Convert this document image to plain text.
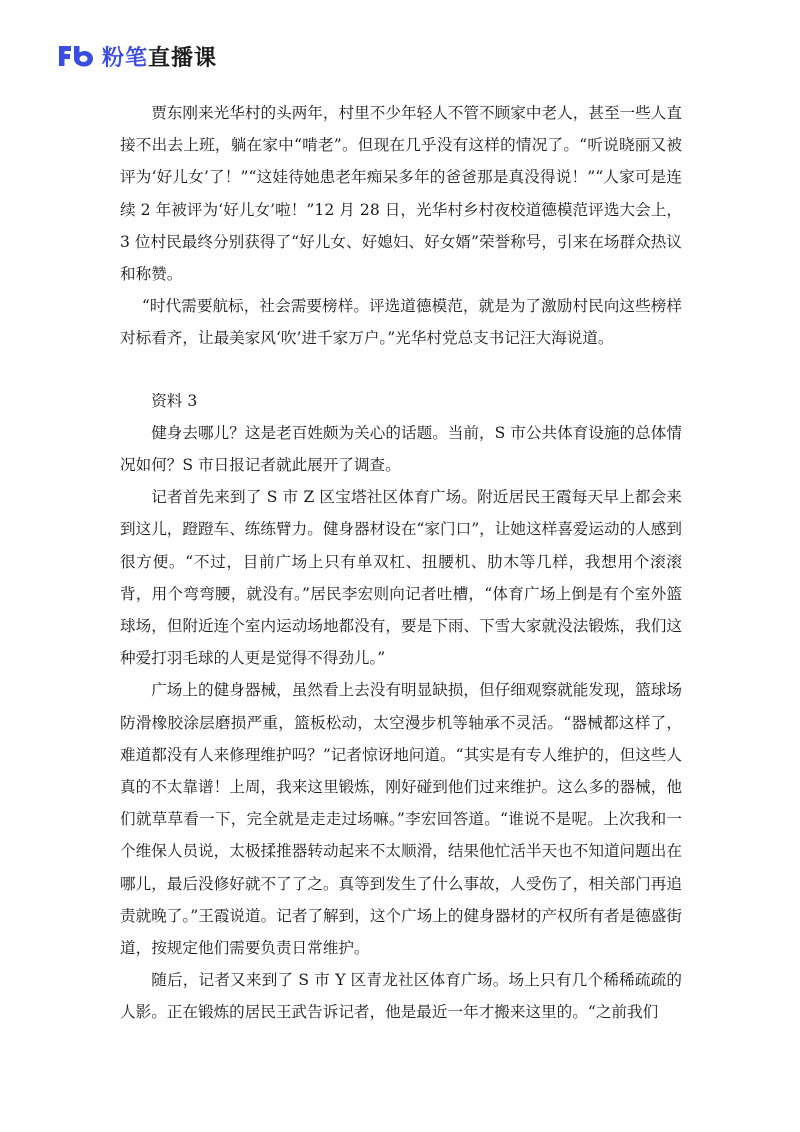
粉笔直播课

贾东刚来光华村的头两年，村里不少年轻人不管不顾家中老人，甚至一些人直接不出去上班，躺在家中“啃老”。但现在几乎没有这样的情况了。“听说晓丽又被评为‘好儿女’了！”“这娃待她患老年痴呆多年的爸爸那是真没得说！”“人家可是连续 2 年被评为‘好儿女’啦！”12 月 28 日，光华村乡村夜校道德模范评选大会上，3 位村民最终分别获得了“好儿女、好媳妇、好女婿”荣誉称号，引来在场群众热议和称赞。

“时代需要航标，社会需要榜样。评选道德模范，就是为了激励村民向这些榜样对标看齐，让最美家风‘吹’进千家万户。”光华村党总支书记汪大海说道。

资料 3

健身去哪儿？这是老百姓颇为关心的话题。当前，S 市公共体育设施的总体情况如何？S 市日报记者就此展开了调查。

记者首先来到了 S 市 Z 区宝塔社区体育广场。附近居民王霞每天早上都会来到这儿，蹬蹬车、练练臂力。健身器材设在“家门口”，让她这样喜爱运动的人感到很方便。“不过，目前广场上只有单双杠、扭腰机、肋木等几样，我想用个滚滚背，用个弯弯腰，就没有。”居民李宏则向记者吐槽，“体育广场上倒是有个室外篮球场，但附近连个室内运动场地都没有，要是下雨、下雪大家就没法锻炼，我们这种爱打羽毛球的人更是觉得不得劲儿。”

广场上的健身器械，虽然看上去没有明显缺损，但仔细观察就能发现，篮球场防滑橡胶涂层磨损严重，篮板松动，太空漫步机等轴承不灵活。“器械都这样了，难道都没有人来修理维护吗？”记者惊讶地问道。“其实是有专人维护的，但这些人真的不太靠谱！上周，我来这里锻炼，刚好碰到他们过来维护。这么多的器械，他们就草草看一下，完全就是走走过场嘛。”李宏回答道。“谁说不是呢。上次我和一个维保人员说，太极揉推器转动起来不太顺滑，结果他忙活半天也不知道问题出在哪儿，最后没修好就不了了之。真等到发生了什么事故，人受伤了，相关部门再追责就晚了。”王霞说道。记者了解到，这个广场上的健身器材的产权所有者是德盛街道，按规定他们需要负责日常维护。

随后，记者又来到了 S 市 Y 区青龙社区体育广场。场上只有几个稀稀疏疏的人影。正在锻炼的居民王武告诉记者，他是最近一年才搬来这里的。“之前我们
